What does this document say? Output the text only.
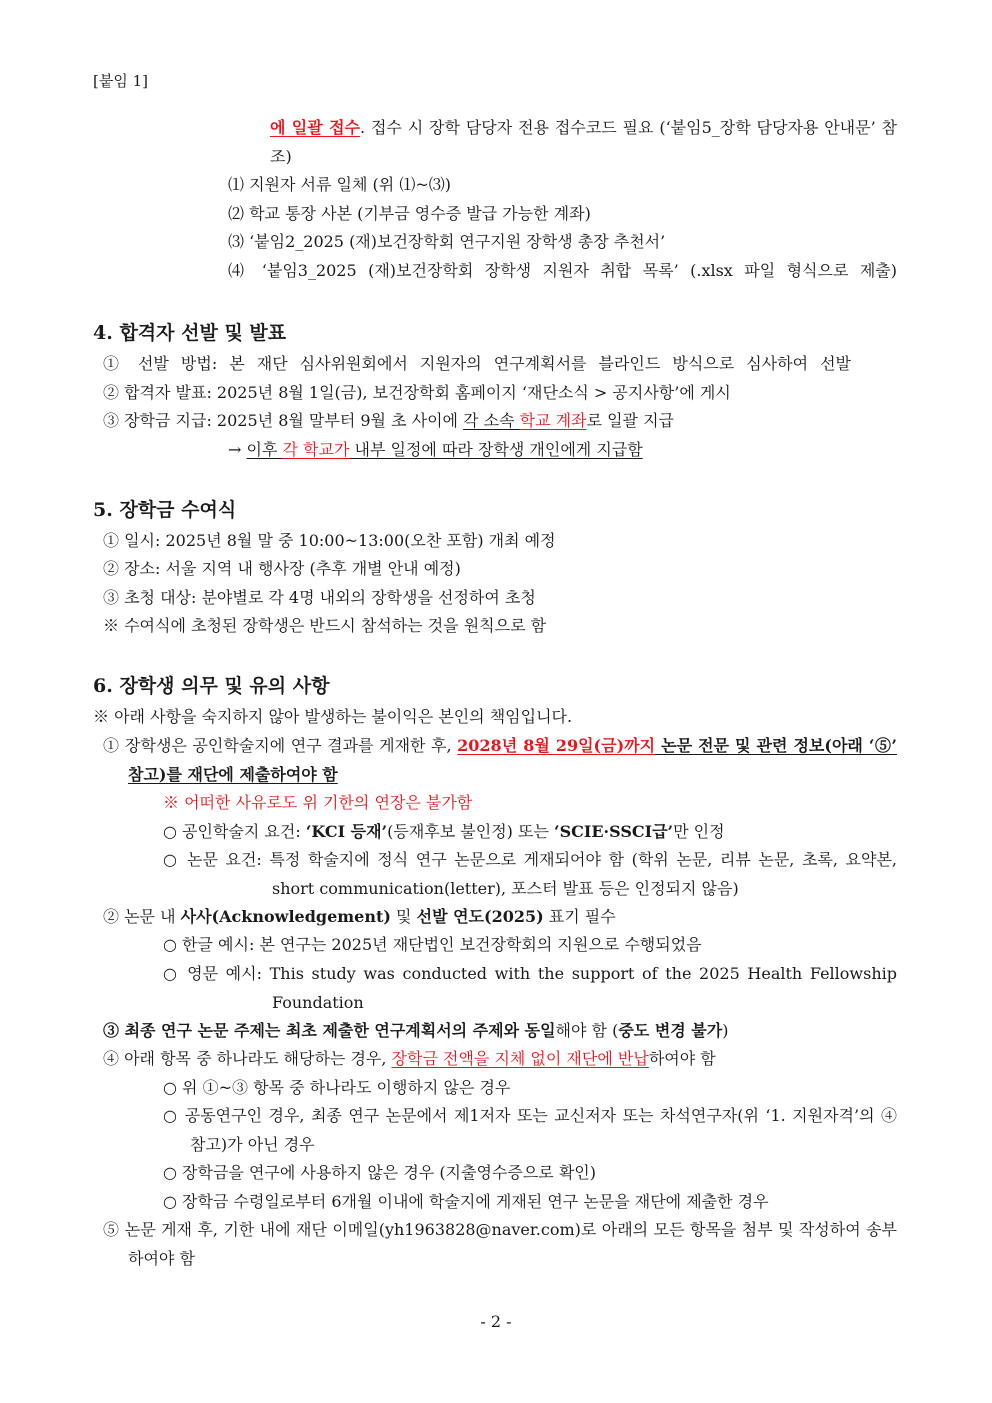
[붙임 1]
에 일괄 접수. 접수 시 장학 담당자 전용 접수코드 필요 (‘붙임5_장학 담당자용 안내문’ 참
조)
⑴ 지원자 서류 일체 (위 ⑴~⑶)
⑵ 학교 통장 사본 (기부금 영수증 발급 가능한 계좌)
⑶ ‘붙임2_2025 (재)보건장학회 연구지원 장학생 총장 추천서’
⑷ ‘붙임3_2025 (재)보건장학회 장학생 지원자 취합 목록’ (.xlsx 파일 형식으로 제출)
4. 합격자 선발 및 발표
① 선발 방법: 본 재단 심사위원회에서 지원자의 연구계획서를 블라인드 방식으로 심사하여 선발
② 합격자 발표: 2025년 8월 1일(금), 보건장학회 홈페이지 ‘재단소식 > 공지사항’에 게시
③ 장학금 지급: 2025년 8월 말부터 9월 초 사이에 각 소속 학교 계좌로 일괄 지급
→ 이후 각 학교가 내부 일정에 따라 장학생 개인에게 지급함
5. 장학금 수여식
① 일시: 2025년 8월 말 중 10:00~13:00(오찬 포함) 개최 예정
② 장소: 서울 지역 내 행사장 (추후 개별 안내 예정)
③ 초청 대상: 분야별로 각 4명 내외의 장학생을 선정하여 초청
※ 수여식에 초청된 장학생은 반드시 참석하는 것을 원칙으로 함
6. 장학생 의무 및 유의 사항
※ 아래 사항을 숙지하지 않아 발생하는 불이익은 본인의 책임입니다.
① 장학생은 공인학술지에 연구 결과를 게재한 후, 2028년 8월 29일(금)까지 논문 전문 및 관련 정보(아래 ‘⑤’
참고)를 재단에 제출하여야 함
※ 어떠한 사유로도 위 기한의 연장은 불가함
○ 공인학술지 요건: ‘KCI 등재’(등재후보 불인정) 또는 ‘SCIE·SSCI급’만 인정
○ 논문 요건: 특정 학술지에 정식 연구 논문으로 게재되어야 함 (학위 논문, 리뷰 논문, 초록, 요약본,
short communication(letter), 포스터 발표 등은 인정되지 않음)
② 논문 내 사사(Acknowledgement) 및 선발 연도(2025) 표기 필수
○ 한글 예시: 본 연구는 2025년 재단법인 보건장학회의 지원으로 수행되었음
○ 영문 예시: This study was conducted with the support of the 2025 Health Fellowship
Foundation
③ 최종 연구 논문 주제는 최초 제출한 연구계획서의 주제와 동일해야 함 (중도 변경 불가)
④ 아래 항목 중 하나라도 해당하는 경우, 장학금 전액을 지체 없이 재단에 반납하여야 함
○ 위 ①~③ 항목 중 하나라도 이행하지 않은 경우
○ 공동연구인 경우, 최종 연구 논문에서 제1저자 또는 교신저자 또는 차석연구자(위 ‘1. 지원자격’의 ④
참고)가 아닌 경우
○ 장학금을 연구에 사용하지 않은 경우 (지출영수증으로 확인)
○ 장학금 수령일로부터 6개월 이내에 학술지에 게재된 연구 논문을 재단에 제출한 경우
⑤ 논문 게재 후, 기한 내에 재단 이메일(yh1963828@naver.com)로 아래의 모든 항목을 첨부 및 작성하여 송부
하여야 함
- 2 -
